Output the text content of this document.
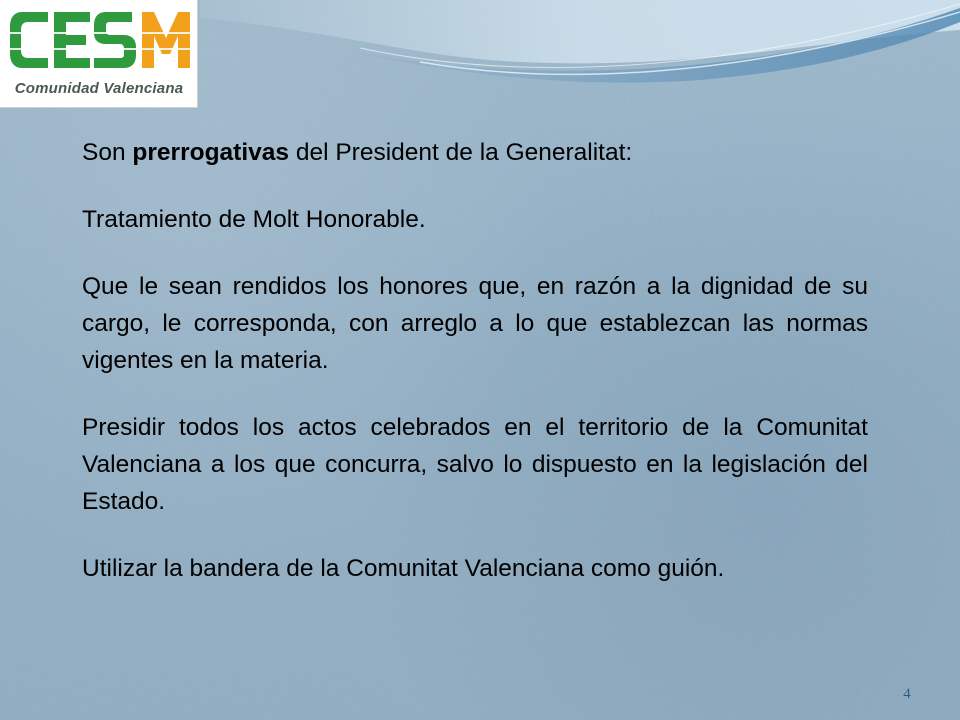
Comunidad Valenciana

Son prerrogativas del President de la Generalitat:

Tratamiento de Molt Honorable.

Que le sean rendidos los honores que, en razón a la dignidad de su cargo, le corresponda, con arreglo a lo que establezcan las normas vigentes en la materia.

Presidir todos los actos celebrados en el territorio de la Comunitat Valenciana a los que concurra, salvo lo dispuesto en la legislación del Estado.

Utilizar la bandera de la Comunitat Valenciana como guión.

4
